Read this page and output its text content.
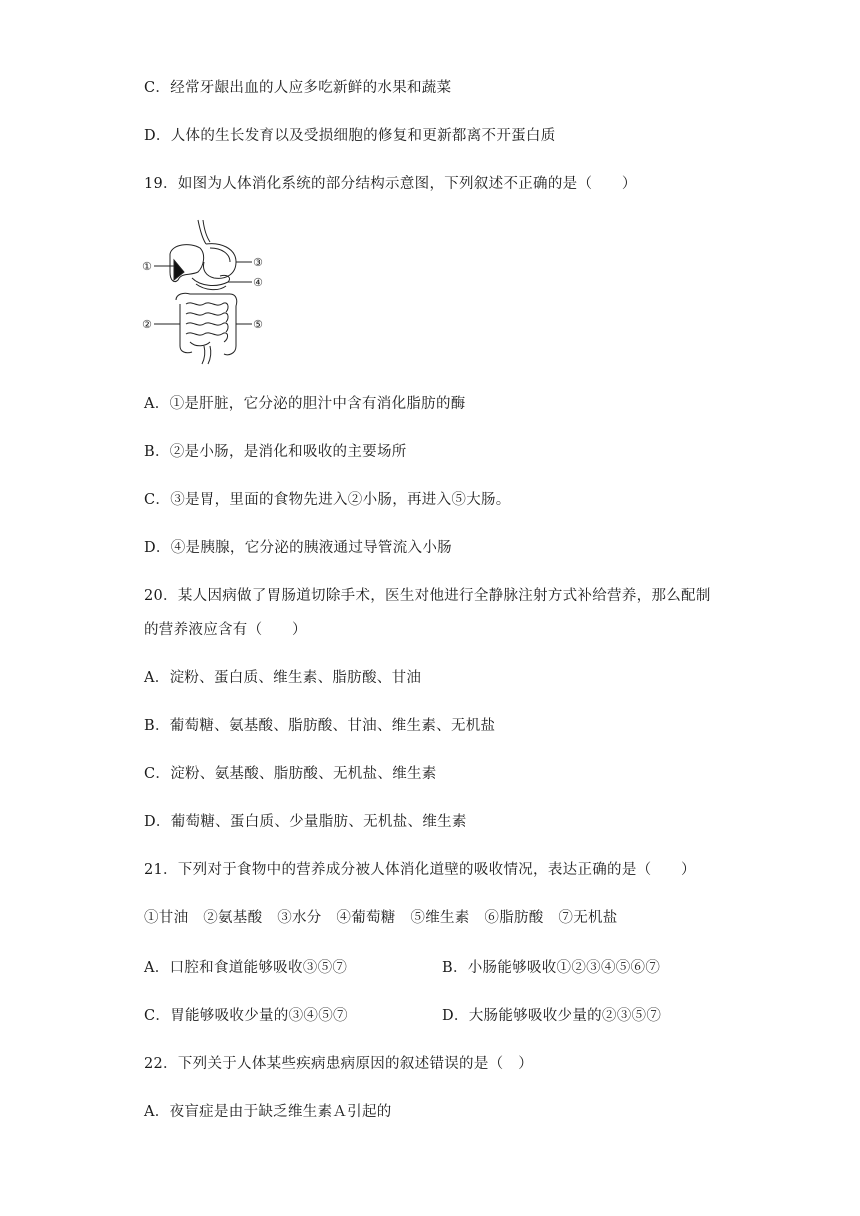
C．经常牙龈出血的人应多吃新鲜的水果和蔬菜
D．人体的生长发育以及受损细胞的修复和更新都离不开蛋白质
19．如图为人体消化系统的部分结构示意图，下列叙述不正确的是（　　）
①
②
③
④
⑤
A．①是肝脏，它分泌的胆汁中含有消化脂肪的酶
B．②是小肠，是消化和吸收的主要场所
C．③是胃，里面的食物先进入②小肠，再进入⑤大肠。
D．④是胰腺，它分泌的胰液通过导管流入小肠
20．某人因病做了胃肠道切除手术，医生对他进行全静脉注射方式补给营养，那么配制
的营养液应含有（　　）
A．淀粉、蛋白质、维生素、脂肪酸、甘油
B．葡萄糖、氨基酸、脂肪酸、甘油、维生素、无机盐
C．淀粉、氨基酸、脂肪酸、无机盐、维生素
D．葡萄糖、蛋白质、少量脂肪、无机盐、维生素
21．下列对于食物中的营养成分被人体消化道壁的吸收情况，表达正确的是（　　）
①甘油　②氨基酸　③水分　④葡萄糖　⑤维生素　⑥脂肪酸　⑦无机盐
A．口腔和食道能够吸收③⑤⑦	B．小肠能够吸收①②③④⑤⑥⑦
C．胃能够吸收少量的③④⑤⑦	D．大肠能够吸收少量的②③⑤⑦
22．下列关于人体某些疾病患病原因的叙述错误的是（　）
A．夜盲症是由于缺乏维生素Ａ引起的
